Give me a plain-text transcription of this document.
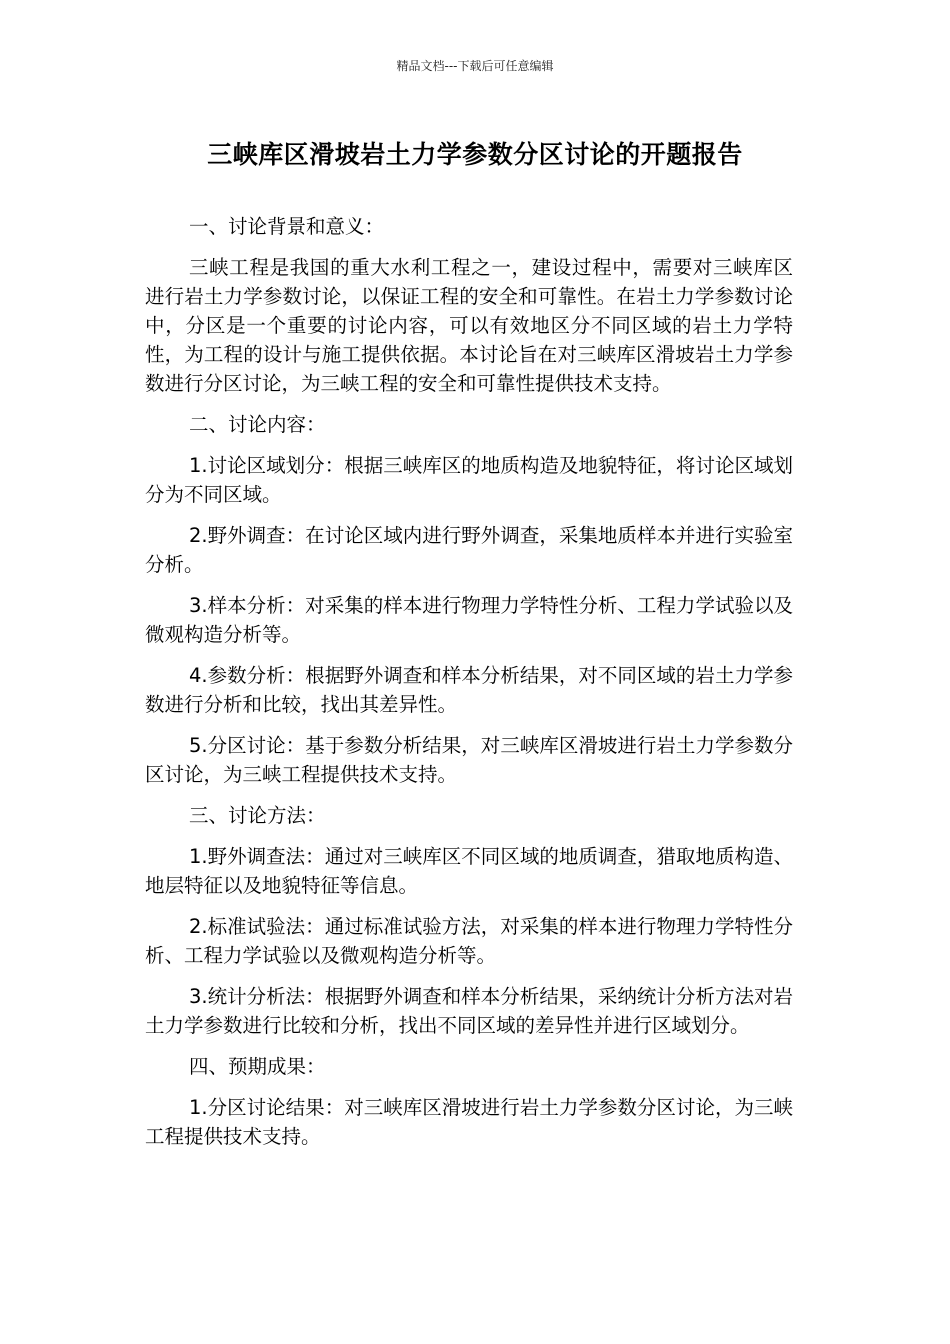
精品文档---下载后可任意编辑
三峡库区滑坡岩土力学参数分区讨论的开题报告

一、讨论背景和意义：

三峡工程是我国的重大水利工程之一，建设过程中，需要对三峡库区进行岩土力学参数讨论，以保证工程的安全和可靠性。在岩土力学参数讨论中，分区是一个重要的讨论内容，可以有效地区分不同区域的岩土力学特性，为工程的设计与施工提供依据。本讨论旨在对三峡库区滑坡岩土力学参数进行分区讨论，为三峡工程的安全和可靠性提供技术支持。

二、讨论内容：

1.讨论区域划分：根据三峡库区的地质构造及地貌特征，将讨论区域划分为不同区域。

2.野外调查：在讨论区域内进行野外调查，采集地质样本并进行实验室分析。

3.样本分析：对采集的样本进行物理力学特性分析、工程力学试验以及微观构造分析等。

4.参数分析：根据野外调查和样本分析结果，对不同区域的岩土力学参数进行分析和比较，找出其差异性。

5.分区讨论：基于参数分析结果，对三峡库区滑坡进行岩土力学参数分区讨论，为三峡工程提供技术支持。

三、讨论方法：

1.野外调查法：通过对三峡库区不同区域的地质调查，猎取地质构造、地层特征以及地貌特征等信息。

2.标准试验法：通过标准试验方法，对采集的样本进行物理力学特性分析、工程力学试验以及微观构造分析等。

3.统计分析法：根据野外调查和样本分析结果，采纳统计分析方法对岩土力学参数进行比较和分析，找出不同区域的差异性并进行区域划分。

四、预期成果：

1.分区讨论结果：对三峡库区滑坡进行岩土力学参数分区讨论，为三峡工程提供技术支持。
